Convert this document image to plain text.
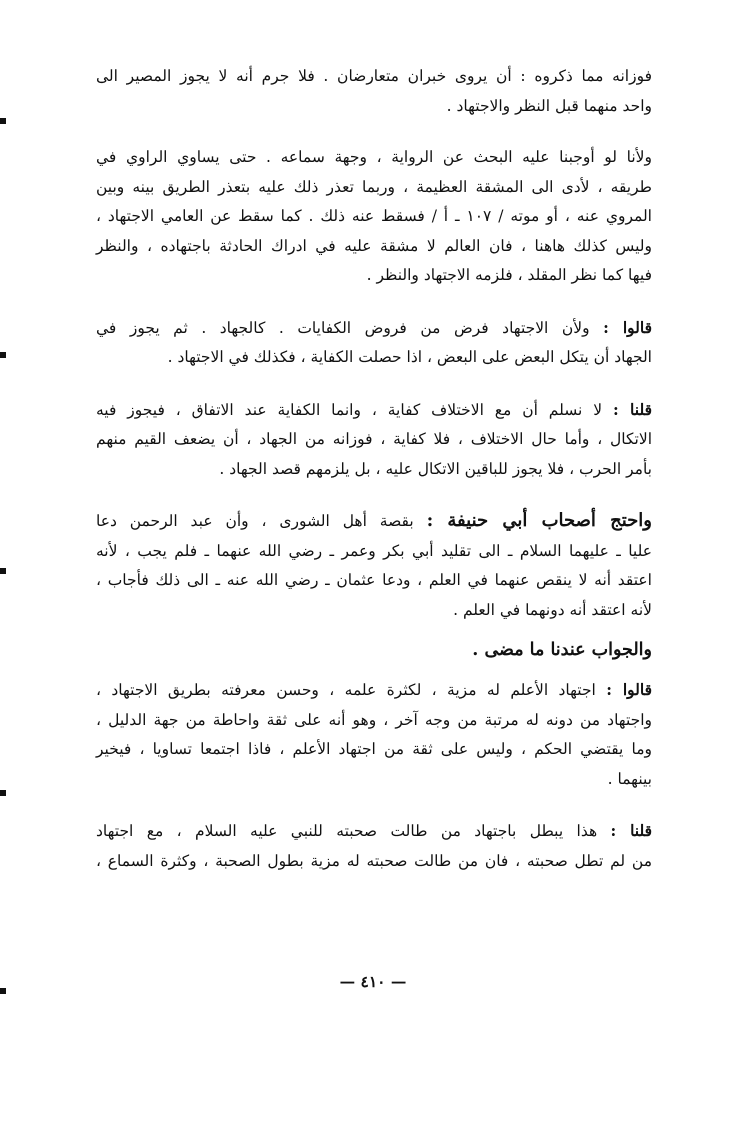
فوزانه مما ذكروه : أن يروى خبران متعارضان . فلا جرم أنه لا يجوز المصير الى
واحد منهما قبل النظر والاجتهاد .

ولأنا لو أوجبنا عليه البحث عن الرواية ، وجهة سماعه . حتى يساوي الراوي في
طريقه ، لأدى الى المشقة العظيمة ، وربما تعذر ذلك عليه بتعذر الطريق بينه وبين
المروي عنه ، أو موته / ١٠٧ ـ أ / فسقط عنه ذلك . كما سقط عن العامي الاجتهاد ،
وليس كذلك هاهنا ، فان العالم لا مشقة عليه في ادراك الحادثة باجتهاده ، والنظر
فيها كما نظر المقلد ، فلزمه الاجتهاد والنظر .

قالوا : ولأن الاجتهاد فرض من فروض الكفايات . كالجهاد . ثم يجوز في
الجهاد أن يتكل البعض على البعض ، اذا حصلت الكفاية ، فكذلك في الاجتهاد .

قلنا : لا نسلم أن مع الاختلاف كفاية ، وانما الكفاية عند الاتفاق ، فيجوز فيه
الاتكال ، وأما حال الاختلاف ، فلا كفاية ، فوزانه من الجهاد ، أن يضعف القيم منهم
بأمر الحرب ، فلا يجوز للباقين الاتكال عليه ، بل يلزمهم قصد الجهاد .

واحتج أصحاب أبي حنيفة : بقصة أهل الشورى ، وأن عبد الرحمن دعا
عليا ـ عليهما السلام ـ الى تقليد أبي بكر وعمر ـ رضي الله عنهما ـ فلم يجب ، لأنه
اعتقد أنه لا ينقص عنهما في العلم ، ودعا عثمان ـ رضي الله عنه ـ الى ذلك فأجاب ،
لأنه اعتقد أنه دونهما في العلم .

والجواب عندنا ما مضى .

قالوا : اجتهاد الأعلم له مزية ، لكثرة علمه ، وحسن معرفته بطريق الاجتهاد ،
واجتهاد من دونه له مرتبة من وجه آخر ، وهو أنه على ثقة واحاطة من جهة الدليل ،
وما يقتضي الحكم ، وليس على ثقة من اجتهاد الأعلم ، فاذا اجتمعا تساويا ، فيخير
بينهما .

قلنا : هذا يبطل باجتهاد من طالت صحبته للنبي عليه السلام ، مع اجتهاد
من لم تطل صحبته ، فان من طالت صحبته له مزية بطول الصحبة ، وكثرة السماع ،

— ٤١٠ —
